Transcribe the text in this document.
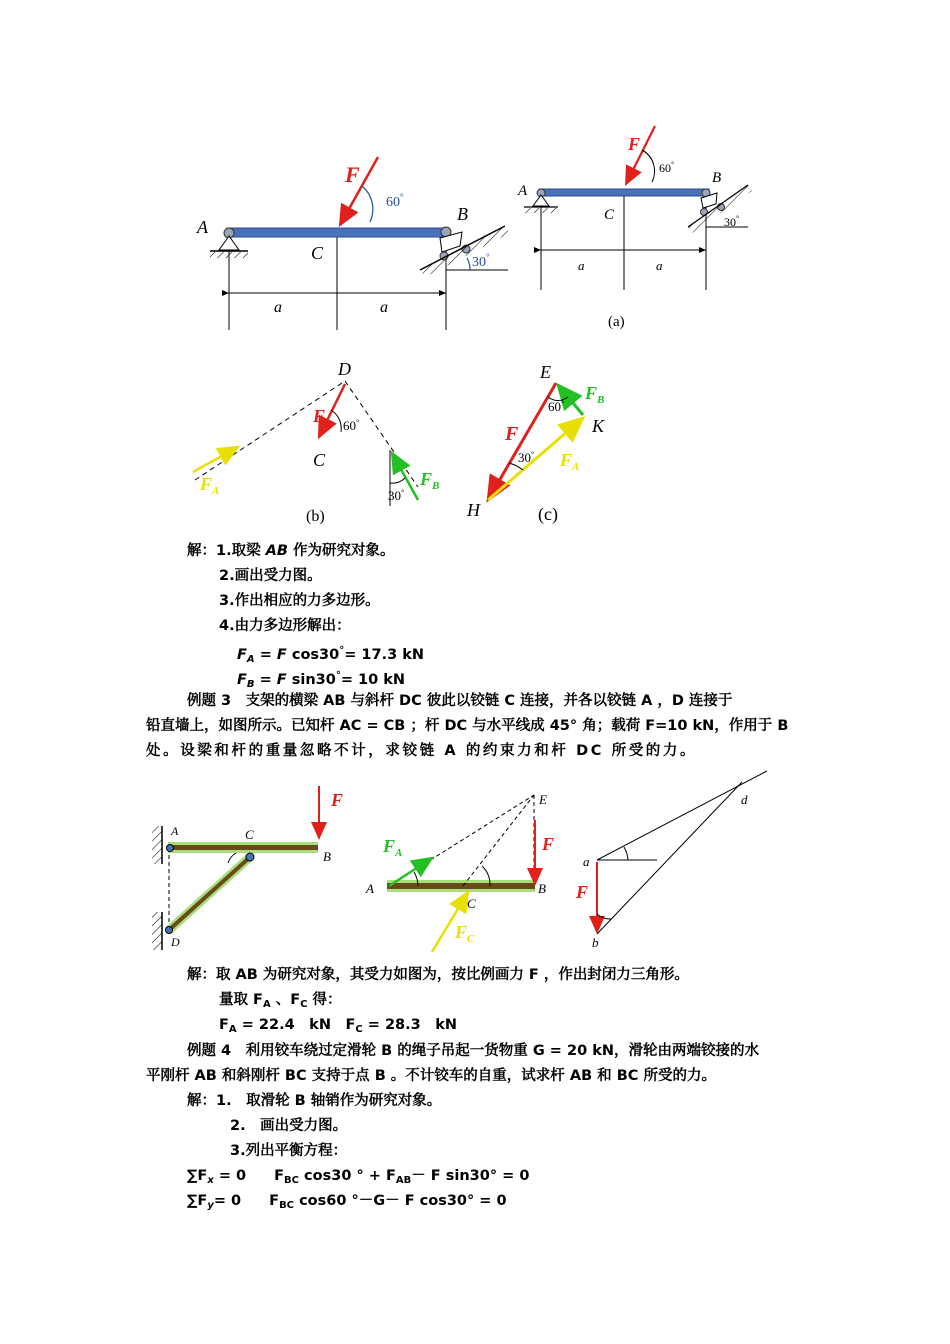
F
60°
A
C
B
30°
a	a
F
60°
A
C
B
30°
a	a
(a)
D
F 60°
C
$F_A$
$F_B$
30°
(b)
E
$F_B$
60°
K
F
30° $F_A$
H	(c)
F
A	C
B
D
$F_A$	F
$F_C$
E
A	B
C
d
a
F
b
解：1.取梁 AB 作为研究对象。
2.画出受力图。
3.作出相应的力多边形。
4.由力多边形解出：
$F_A = F$ cos30°= 17.3 kN
$F_B = F$ sin30°= 10 kN
例题 3　支架的横梁 AB 与斜杆 DC 彼此以铰链 C 连接，并各以铰链 A ，D 连接于
铅直墙上，如图所示。已知杆 AC = CB ；杆 DC 与水平线成 45° 角；载荷 F=10 kN，作用于 B
处。设梁和杆的重量忽略不计，求铰链 A 的约束力和杆 DC 所受的力。
解：取 AB 为研究对象，其受力如图为，按比例画力 F ，作出封闭力三角形。
量取 $F_A$ 、$F_C$ 得：
$F_A = 22.4$　kN　$F_C = 28.3$　kN
例题 4　利用铰车绕过定滑轮 B 的绳子吊起一货物重 G = 20 kN，滑轮由两端铰接的水
平刚杆 AB 和斜刚杆 BC 支持于点 B 。不计铰车的自重，试求杆 AB 和 BC 所受的力。
解：1.　取滑轮 B 轴销作为研究对象。
2.　画出受力图。
3.列出平衡方程：
$\sum F_x = 0$ $F_{BC}$ cos30 ° + $F_{AB}- F$ sin30° = 0
$\sum F_y= 0$ $F_{BC}$ cos60 °－G－ F cos30° = 0
